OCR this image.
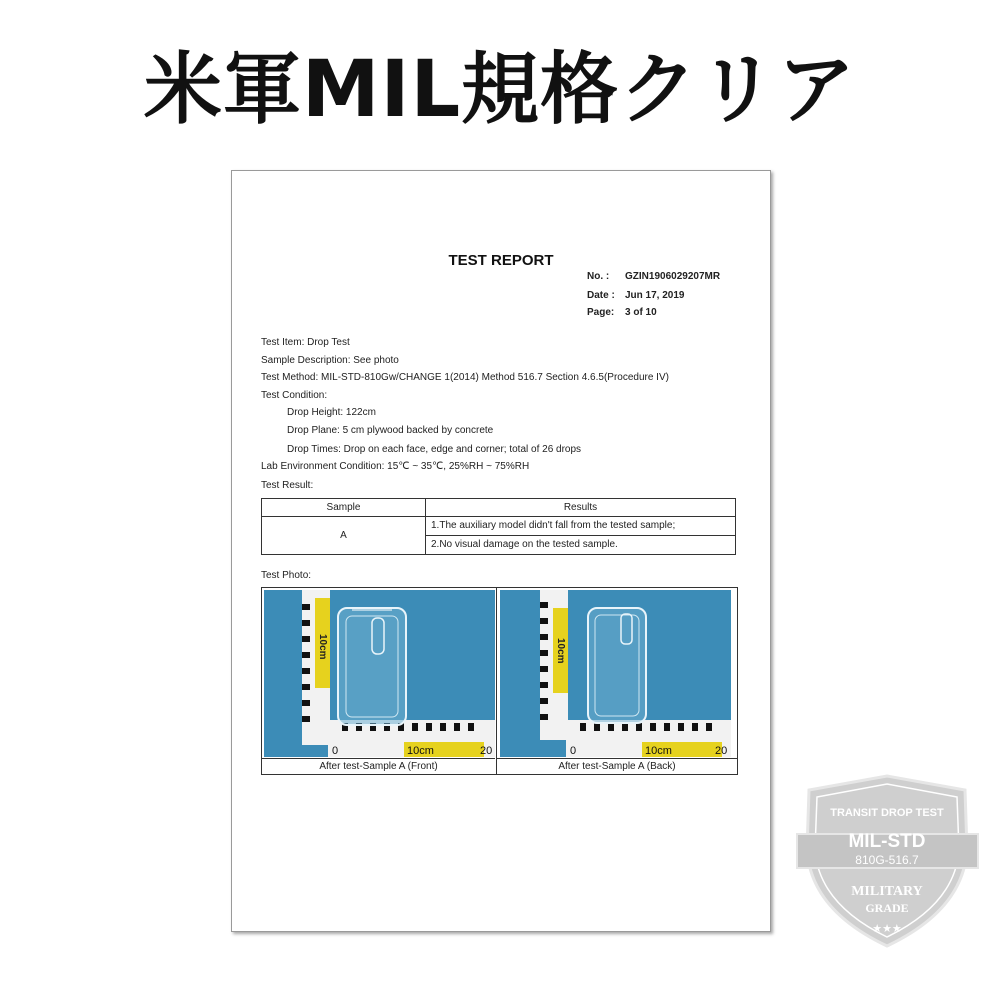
米軍MIL規格クリア
TEST REPORT
No. : GZIN1906029207MR
Date : Jun 17, 2019
Page: 3 of 10
Test Item: Drop Test
Sample Description: See photo
Test Method: MIL-STD-810Gw/CHANGE 1(2014) Method 516.7 Section 4.6.5(Procedure IV)
Test Condition:
Drop Height: 122cm
Drop Plane: 5 cm plywood backed by concrete
Drop Times: Drop on each face, edge and corner; total of 26 drops
Lab Environment Condition: 15℃ ~ 35℃, 25%RH ~ 75%RH
Test Result:
Sample	Results
A	1.The auxiliary model didn't fall from the tested sample;
	2.No visual damage on the tested sample.
Test Photo:
10cm
0	10cm	20
10cm
0	10cm	20
After test-Sample A (Front)	After test-Sample A (Back)
TRANSIT DROP TEST
MIL-STD
810G-516.7
MILITARY
GRADE
★★★
